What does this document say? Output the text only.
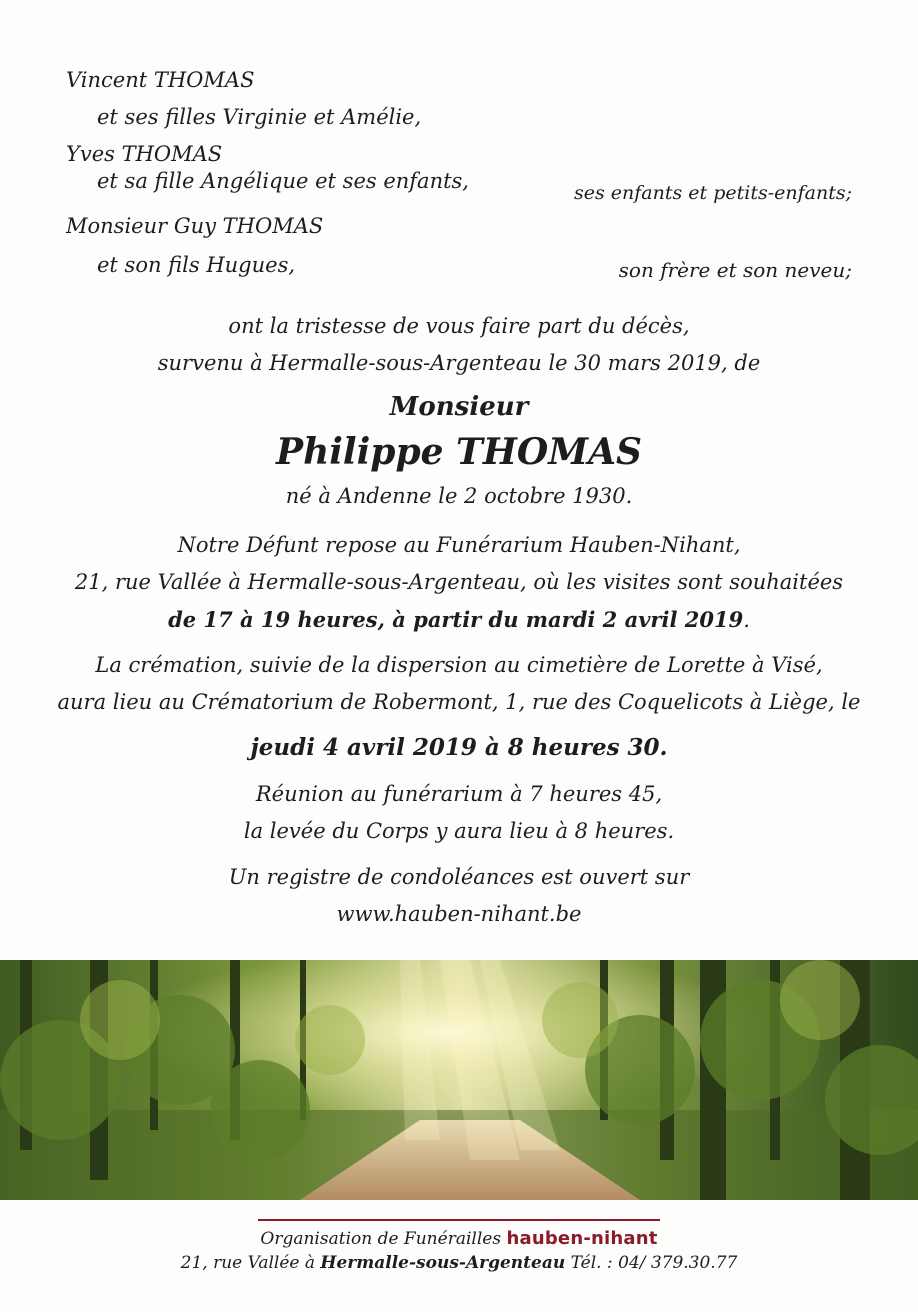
Vincent THOMAS
et ses filles Virginie et Amélie,
Yves THOMAS
et sa fille Angélique et ses enfants,	ses enfants et petits-enfants;
Monsieur Guy THOMAS
et son fils Hugues,	son frère et son neveu;
ont la tristesse de vous faire part du décès,
survenu à Hermalle-sous-Argenteau le 30 mars 2019, de
Monsieur
Philippe THOMAS
né à Andenne le 2 octobre 1930.
Notre Défunt repose au Funérarium Hauben-Nihant,
21, rue Vallée à Hermalle-sous-Argenteau, où les visites sont souhaitées
de 17 à 19 heures, à partir du mardi 2 avril 2019.
La crémation, suivie de la dispersion au cimetière de Lorette à Visé,
aura lieu au Crématorium de Robermont, 1, rue des Coquelicots à Liège, le
jeudi 4 avril 2019 à 8 heures 30.
Réunion au funérarium à 7 heures 45,
la levée du Corps y aura lieu à 8 heures.
Un registre de condoléances est ouvert sur
www.hauben-nihant.be
Organisation de Funérailles hauben-nihant
21, rue Vallée à Hermalle-sous-Argenteau Tél. : 04/ 379.30.77
